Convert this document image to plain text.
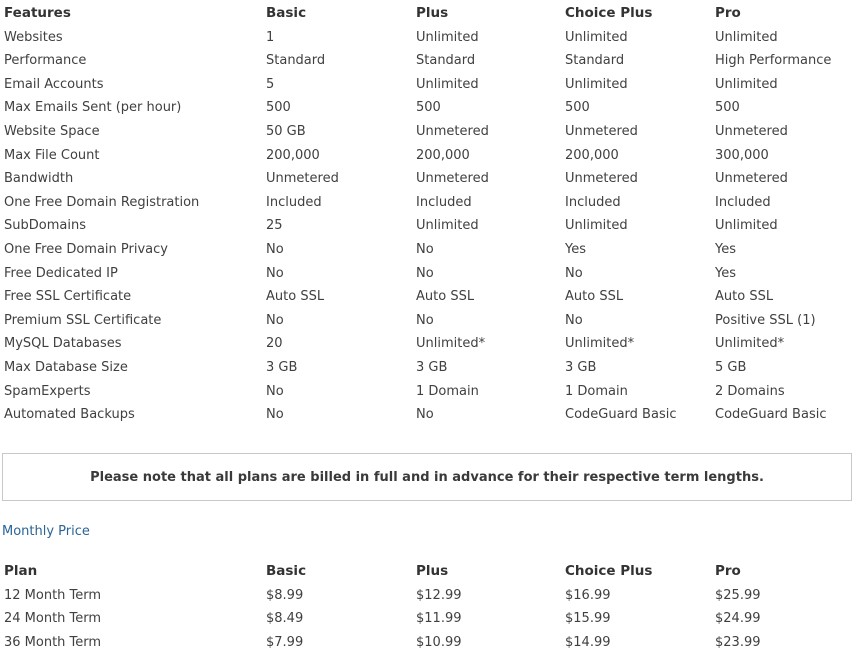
Features	Basic	Plus	Choice Plus	Pro
Websites	1	Unlimited	Unlimited	Unlimited
Performance	Standard	Standard	Standard	High Performance
Email Accounts	5	Unlimited	Unlimited	Unlimited
Max Emails Sent (per hour)	500	500	500	500
Website Space	50 GB	Unmetered	Unmetered	Unmetered
Max File Count	200,000	200,000	200,000	300,000
Bandwidth	Unmetered	Unmetered	Unmetered	Unmetered
One Free Domain Registration	Included	Included	Included	Included
SubDomains	25	Unlimited	Unlimited	Unlimited
One Free Domain Privacy	No	No	Yes	Yes
Free Dedicated IP	No	No	No	Yes
Free SSL Certificate	Auto SSL	Auto SSL	Auto SSL	Auto SSL
Premium SSL Certificate	No	No	No	Positive SSL (1)
MySQL Databases	20	Unlimited*	Unlimited*	Unlimited*
Max Database Size	3 GB	3 GB	3 GB	5 GB
SpamExperts	No	1 Domain	1 Domain	2 Domains
Automated Backups	No	No	CodeGuard Basic	CodeGuard Basic
Please note that all plans are billed in full and in advance for their respective term lengths.
Monthly Price
Plan	Basic	Plus	Choice Plus	Pro
12 Month Term	$8.99	$12.99	$16.99	$25.99
24 Month Term	$8.49	$11.99	$15.99	$24.99
36 Month Term	$7.99	$10.99	$14.99	$23.99
